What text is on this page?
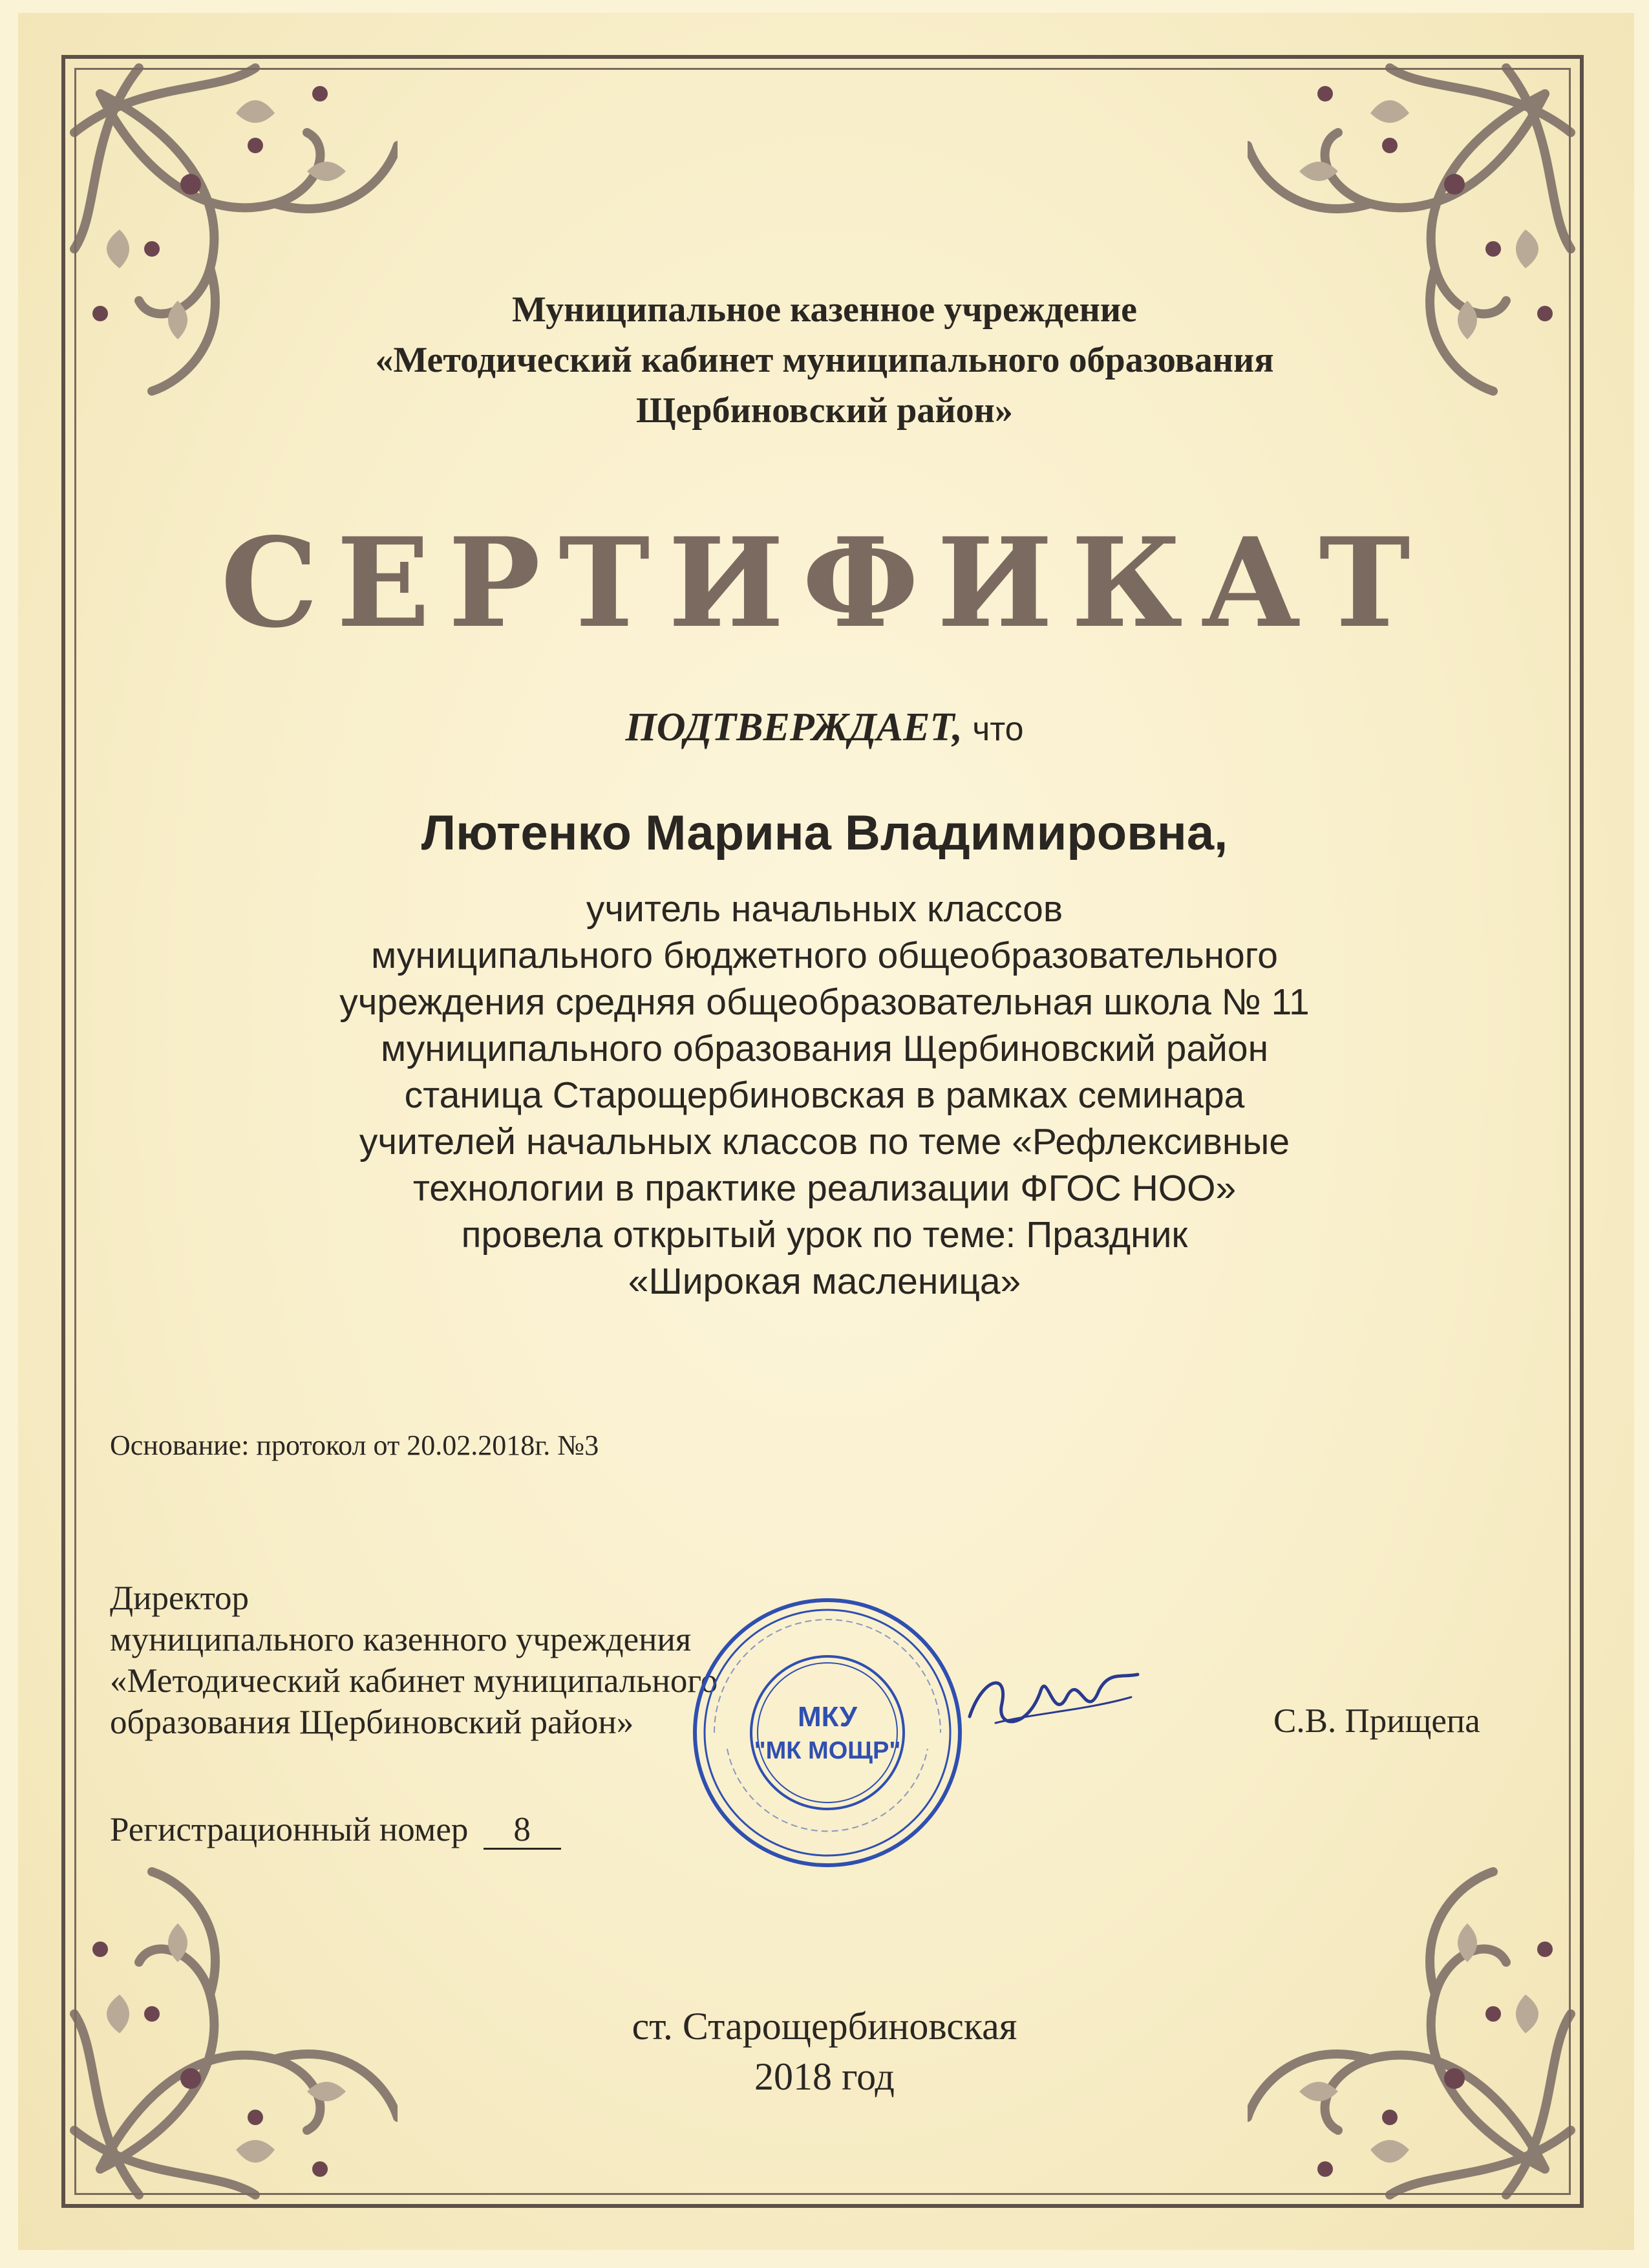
Муниципальное казенное учреждение
«Методический кабинет муниципального образования
Щербиновский район»
СЕРТИФИКАТ
ПОДТВЕРЖДАЕТ, что
Лютенко Марина Владимировна,
учитель начальных классов
муниципального бюджетного общеобразовательного
учреждения средняя общеобразовательная школа № 11
муниципального образования Щербиновский район
станица Старощербиновская в рамках семинара
учителей начальных классов по теме «Рефлексивные
технологии в практике реализации ФГОС НОО»
провела открытый урок по теме: Праздник
«Широкая масленица»
Основание: протокол от 20.02.2018г. №3
Директор
муниципального казенного учреждения
«Методический кабинет муниципального
образования Щербиновский район»	С.В. Прищепа
Регистрационный номер 8
МКУ
"МК МОЩР"
ст. Старощербиновская
2018 год
